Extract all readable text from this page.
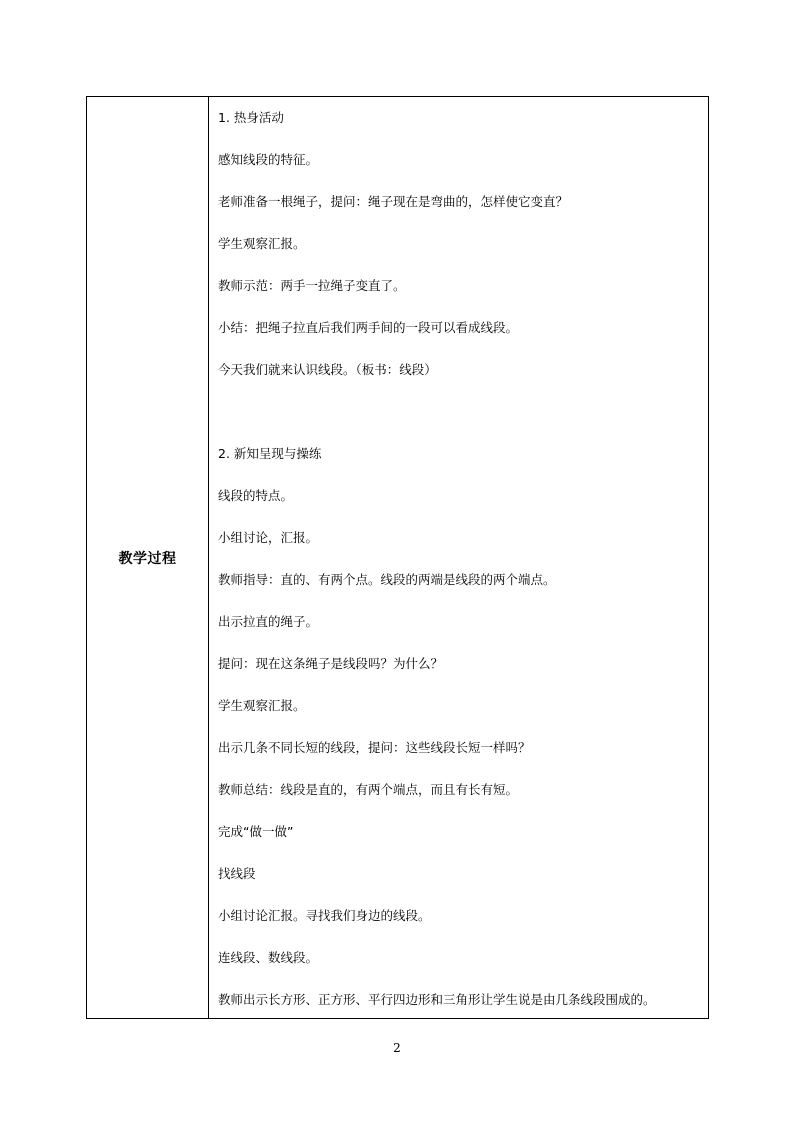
教学过程	
1. 热身活动
感知线段的特征。
老师准备一根绳子，提问：绳子现在是弯曲的，怎样使它变直？
学生观察汇报。
教师示范：两手一拉绳子变直了。
小结：把绳子拉直后我们两手间的一段可以看成线段。
今天我们就来认识线段。（板书：线段）
2. 新知呈现与操练
线段的特点。
小组讨论，汇报。
教师指导：直的、有两个点。线段的两端是线段的两个端点。
出示拉直的绳子。
提问：现在这条绳子是线段吗？为什么？
学生观察汇报。
出示几条不同长短的线段，提问：这些线段长短一样吗？
教师总结：线段是直的，有两个端点，而且有长有短。
完成“做一做”
找线段
小组讨论汇报。寻找我们身边的线段。
连线段、数线段。
教师出示长方形、正方形、平行四边形和三角形让学生说是由几条线段围成的。
2
